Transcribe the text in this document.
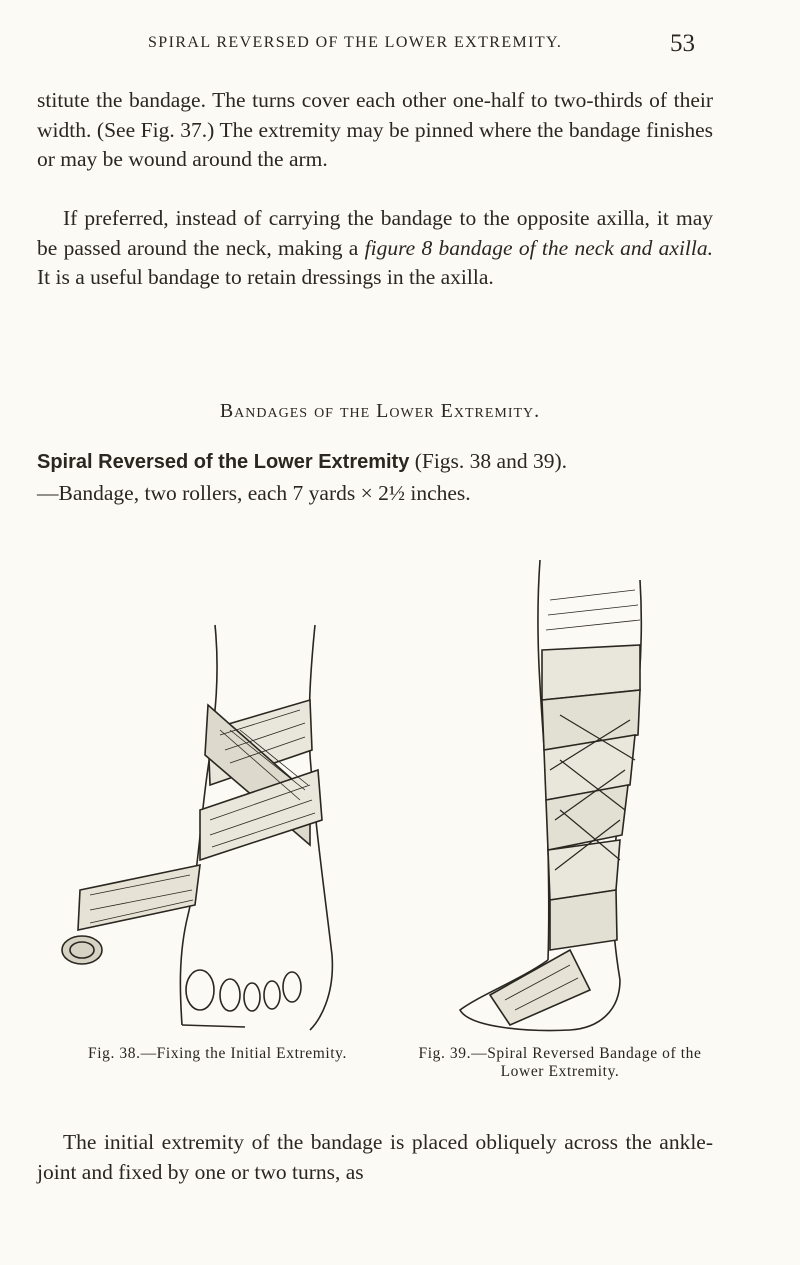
SPIRAL REVERSED OF THE LOWER EXTREMITY.	53

stitute the bandage. The turns cover each other one-half to two-thirds of their width. (See Fig. 37.) The extremity may be pinned where the bandage finishes or may be wound around the arm.

If preferred, instead of carrying the bandage to the opposite axilla, it may be passed around the neck, making a figure 8 bandage of the neck and axilla. It is a useful bandage to retain dressings in the axilla.

Bandages of the Lower Extremity.

Spiral Reversed of the Lower Extremity (Figs. 38 and 39).
—Bandage, two rollers, each 7 yards × 2½ inches.

Fig. 38.—Fixing the Initial Extremity.	Fig. 39.—Spiral Reversed Bandage of the Lower Extremity.

The initial extremity of the bandage is placed obliquely across the ankle-joint and fixed by one or two turns, as
